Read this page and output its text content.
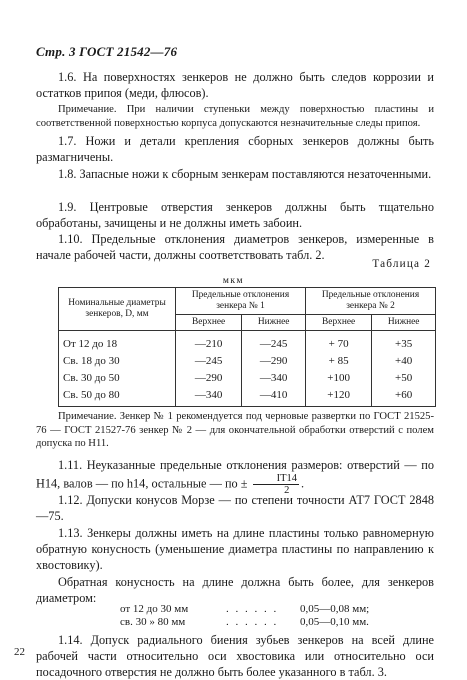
Стр. 3 ГОСТ 21542—76
1.6. На поверхностях зенкеров не должно быть следов коррозии и остатков припоя (меди, флюсов).
Примечание. При наличии ступеньки между поверхностью пластины и соответственной поверхностью корпуса допускаются незначительные следы припоя.
1.7. Ножи и детали крепления сборных зенкеров должны быть размагничены.
1.8. Запасные ножи к сборным зенкерам поставляются незаточенными.
1.9. Центровые отверстия зенкеров должны быть тщательно обработаны, зачищены и не должны иметь забоин.
1.10. Предельные отклонения диаметров зенкеров, измеренные в начале рабочей части, должны соответствовать табл. 2.
Таблица 2
мкм
Номинальные диаметры зенкеров, D, мм	Предельные отклонения зенкера № 1		Предельные отклонения зенкера № 2	
	Верхнее	Нижнее	Верхнее	Нижнее
От 12 до 18	—210	—245	+ 70	+35
Св. 18 до 30	—245	—290	+ 85	+40
Св. 30 до 50	—290	—340	+100	+50
Св. 50 до 80	—340	—410	+120	+60
Примечание. Зенкер № 1 рекомендуется под черновые развертки по ГОСТ 21525-76 — ГОСТ 21527-76 зенкер № 2 — для окончательной обработки отверстий с полем допуска по Н11.
1.11. Неуказанные предельные отклонения размеров: отверстий — по Н14, валов — по h14, остальные — по ± $\frac{IT14}{2}$ .
1.12. Допуски конусов Морзе — по степени точности АТ7 ГОСТ 2848—75.
1.13. Зенкеры должны иметь на длине пластины только равномерную обратную конусность (уменьшение диаметра пластины по направлению к хвостовику).
Обратная конусность на длине должна быть более, для зенкеров диаметром:
от 12 до 30 мм	. . . . . . 0,05—0,08 мм;
св. 30 » 80 мм	. . . . . . 0,05—0,10 мм.
1.14. Допуск радиального биения зубьев зенкеров на всей длине рабочей части относительно оси хвостовика или относительно оси посадочного отверстия не должно быть более указанного в табл. 3.
22
